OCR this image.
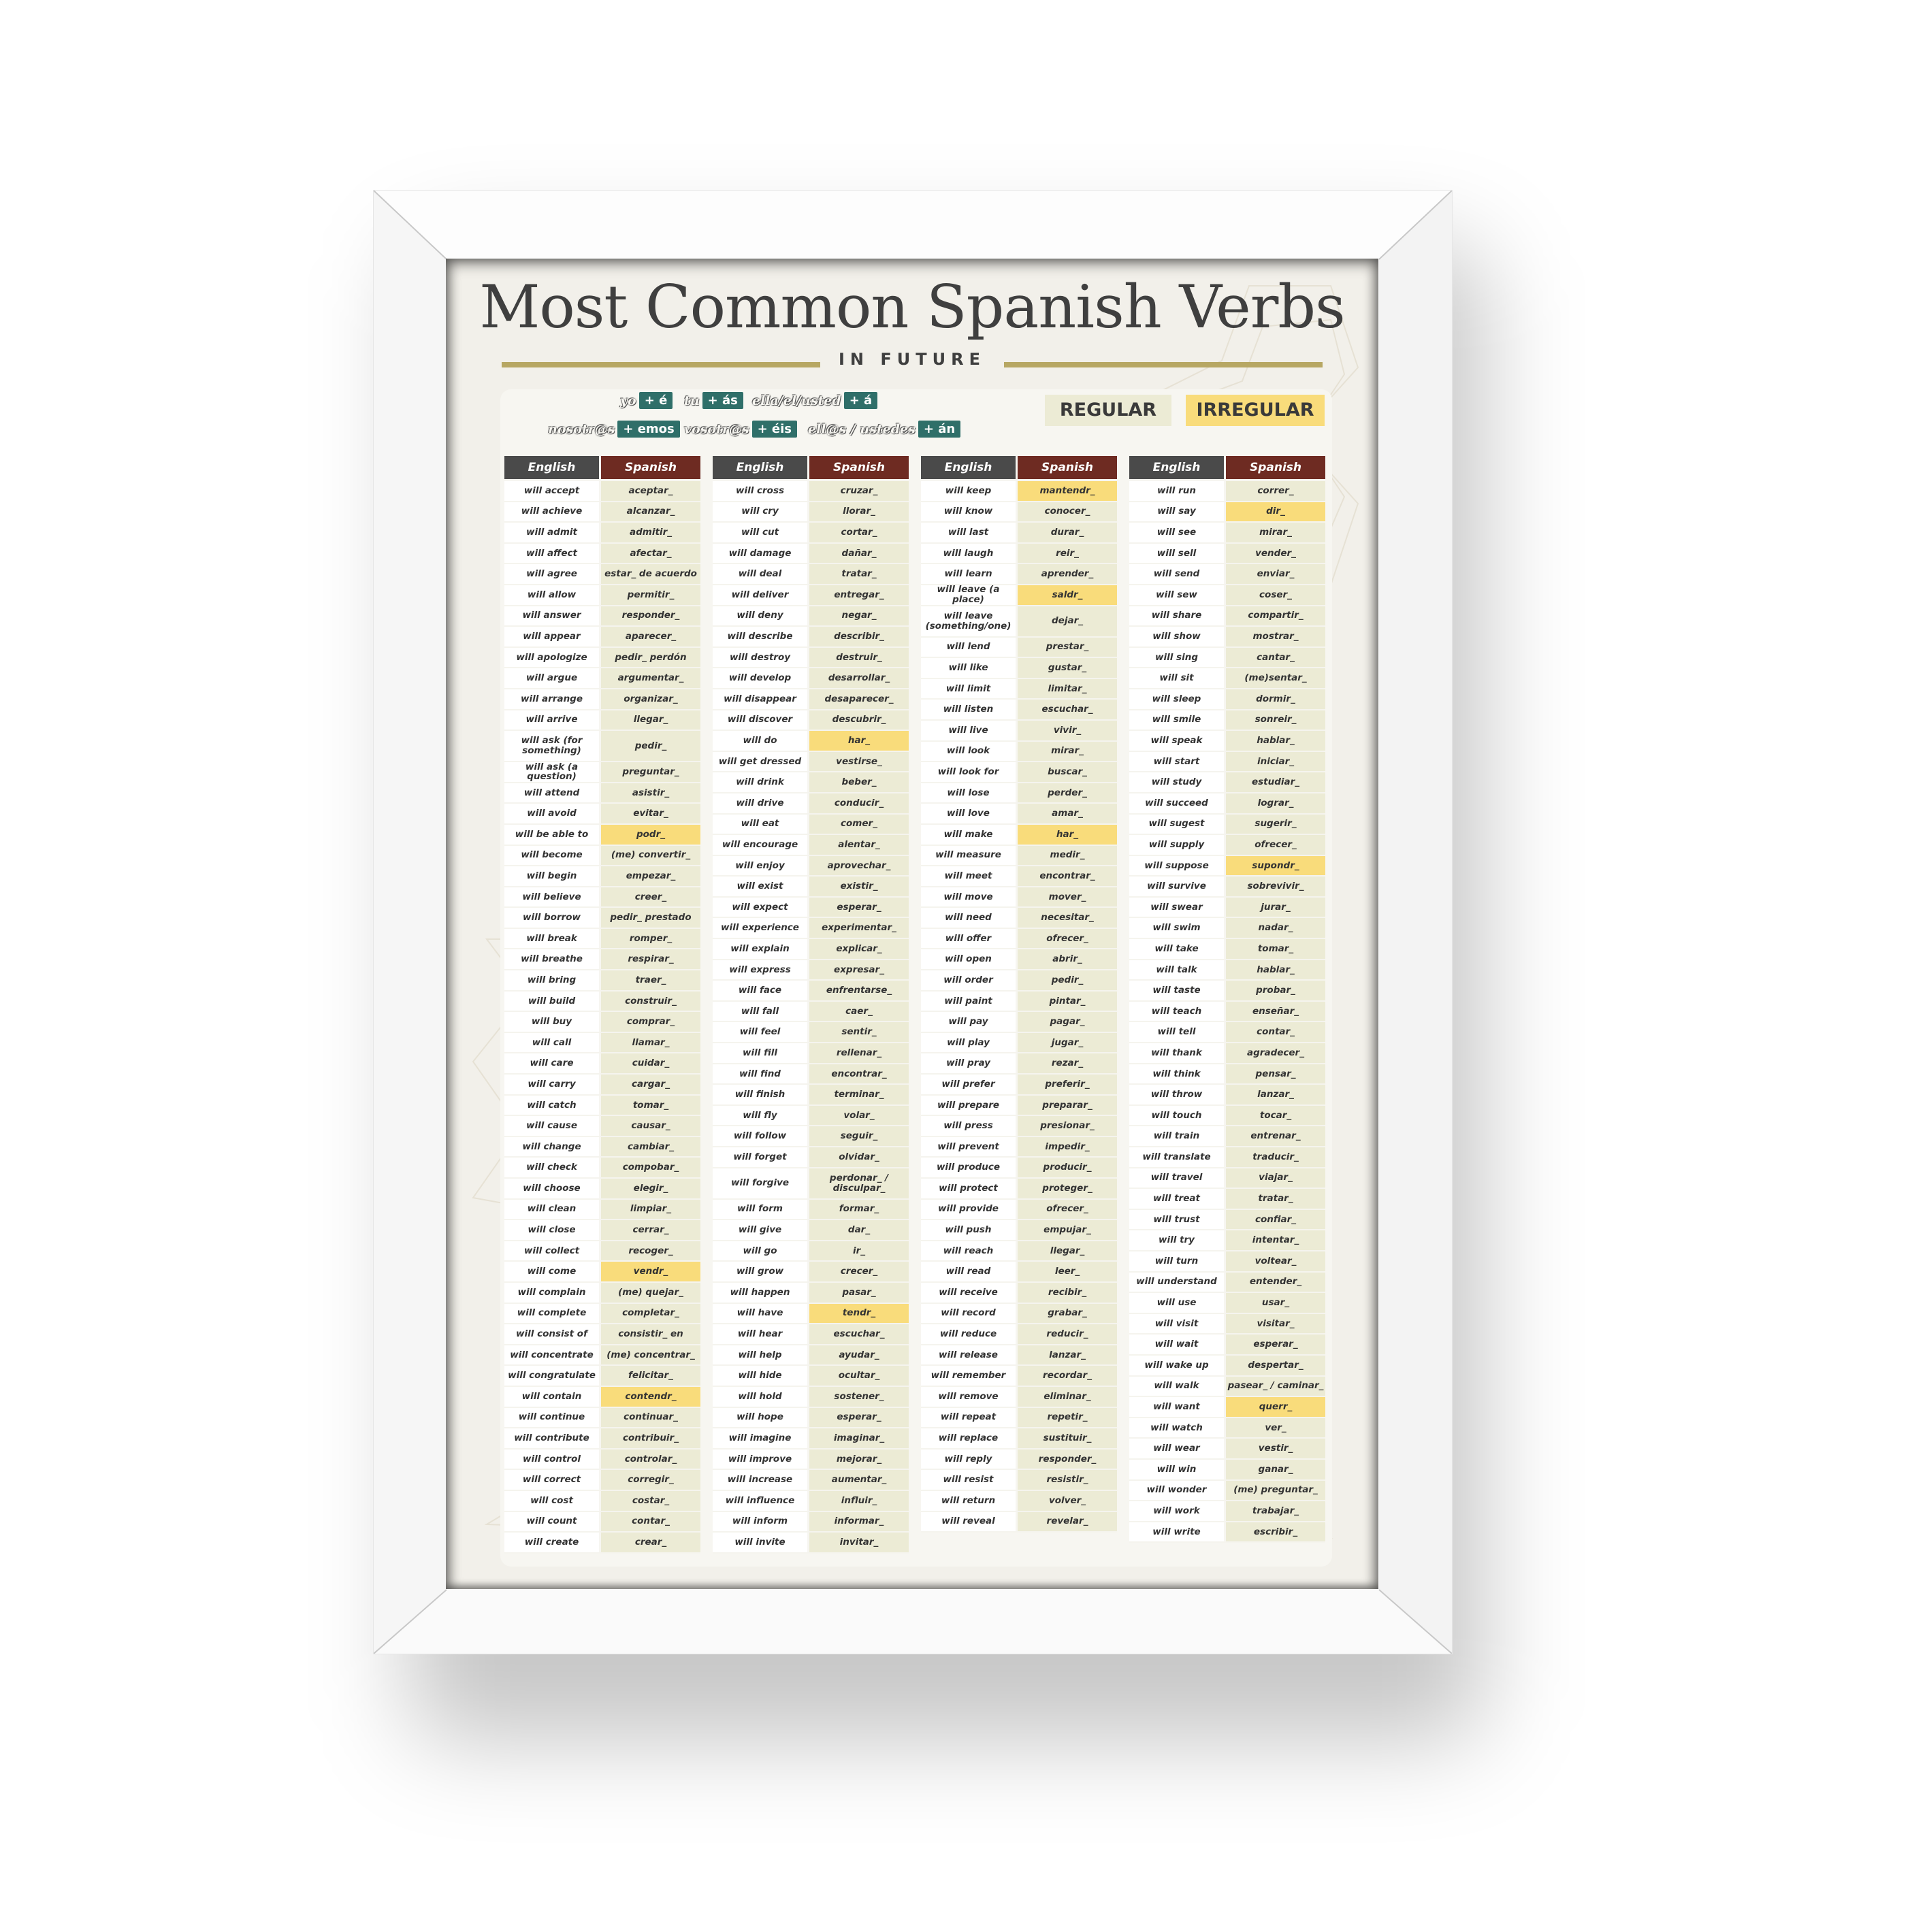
Most Common Spanish Verbs
IN FUTURE
yo + é	tu + ás	ella/el/usted + á
nosotr@s + emos vosotr@s + éis	ell@s / ustedes + án
REGULAR	IRREGULAR
English	Spanish
will accept	aceptar_
will achieve	alcanzar_
will admit	admitir_
will affect	afectar_
will agree	estar_ de acuerdo
will allow	permitir_
will answer	responder_
will appear	aparecer_
will apologize	pedir_ perdón
will argue	argumentar_
will arrange	organizar_
will arrive	llegar_
will ask (for something)	pedir_
will ask (a question)	preguntar_
will attend	asistir_
will avoid	evitar_
will be able to	podr_
will become	(me) convertir_
will begin	empezar_
will believe	creer_
will borrow	pedir_ prestado
will break	romper_
will breathe	respirar_
will bring	traer_
will build	construir_
will buy	comprar_
will call	llamar_
will care	cuidar_
will carry	cargar_
will catch	tomar_
will cause	causar_
will change	cambiar_
will check	compobar_
will choose	elegir_
will clean	limpiar_
will close	cerrar_
will collect	recoger_
will come	vendr_
will complain	(me) quejar_
will complete	completar_
will consist of	consistir_ en
will concentrate	(me) concentrar_
will congratulate	felicitar_
will contain	contendr_
will continue	continuar_
will contribute	contribuir_
will control	controlar_
will correct	corregir_
will cost	costar_
will count	contar_
will create	crear_
English	Spanish
will cross	cruzar_
will cry	llorar_
will cut	cortar_
will damage	dañar_
will deal	tratar_
will deliver	entregar_
will deny	negar_
will describe	describir_
will destroy	destruir_
will develop	desarrollar_
will disappear	desaparecer_
will discover	descubrir_
will do	har_
will get dressed	vestirse_
will drink	beber_
will drive	conducir_
will eat	comer_
will encourage	alentar_
will enjoy	aprovechar_
will exist	existir_
will expect	esperar_
will experience	experimentar_
will explain	explicar_
will express	expresar_
will face	enfrentarse_
will fall	caer_
will feel	sentir_
will fill	rellenar_
will find	encontrar_
will finish	terminar_
will fly	volar_
will follow	seguir_
will forget	olvidar_
will forgive	perdonar_ / disculpar_
will form	formar_
will give	dar_
will go	ir_
will grow	crecer_
will happen	pasar_
will have	tendr_
will hear	escuchar_
will help	ayudar_
will hide	ocultar_
will hold	sostener_
will hope	esperar_
will imagine	imaginar_
will improve	mejorar_
will increase	aumentar_
will influence	influir_
will inform	informar_
will invite	invitar_
English	Spanish
will keep	mantendr_
will know	conocer_
will last	durar_
will laugh	reir_
will learn	aprender_
will leave (a place)	saldr_
will leave (something/one)	dejar_
will lend	prestar_
will like	gustar_
will limit	limitar_
will listen	escuchar_
will live	vivir_
will look	mirar_
will look for	buscar_
will lose	perder_
will love	amar_
will make	har_
will measure	medir_
will meet	encontrar_
will move	mover_
will need	necesitar_
will offer	ofrecer_
will open	abrir_
will order	pedir_
will paint	pintar_
will pay	pagar_
will play	jugar_
will pray	rezar_
will prefer	preferir_
will prepare	preparar_
will press	presionar_
will prevent	impedir_
will produce	producir_
will protect	proteger_
will provide	ofrecer_
will push	empujar_
will reach	llegar_
will read	leer_
will receive	recibir_
will record	grabar_
will reduce	reducir_
will release	lanzar_
will remember	recordar_
will remove	eliminar_
will repeat	repetir_
will replace	sustituir_
will reply	responder_
will resist	resistir_
will return	volver_
will reveal	revelar_
English	Spanish
will run	correr_
will say	dir_
will see	mirar_
will sell	vender_
will send	enviar_
will sew	coser_
will share	compartir_
will show	mostrar_
will sing	cantar_
will sit	(me)sentar_
will sleep	dormir_
will smile	sonreir_
will speak	hablar_
will start	iniciar_
will study	estudiar_
will succeed	lograr_
will sugest	sugerir_
will supply	ofrecer_
will suppose	supondr_
will survive	sobrevivir_
will swear	jurar_
will swim	nadar_
will take	tomar_
will talk	hablar_
will taste	probar_
will teach	enseñar_
will tell	contar_
will thank	agradecer_
will think	pensar_
will throw	lanzar_
will touch	tocar_
will train	entrenar_
will translate	traducir_
will travel	viajar_
will treat	tratar_
will trust	confiar_
will try	intentar_
will turn	voltear_
will understand	entender_
will use	usar_
will visit	visitar_
will wait	esperar_
will wake up	despertar_
will walk	pasear_ / caminar_
will want	querr_
will watch	ver_
will wear	vestir_
will win	ganar_
will wonder	(me) preguntar_
will work	trabajar_
will write	escribir_
